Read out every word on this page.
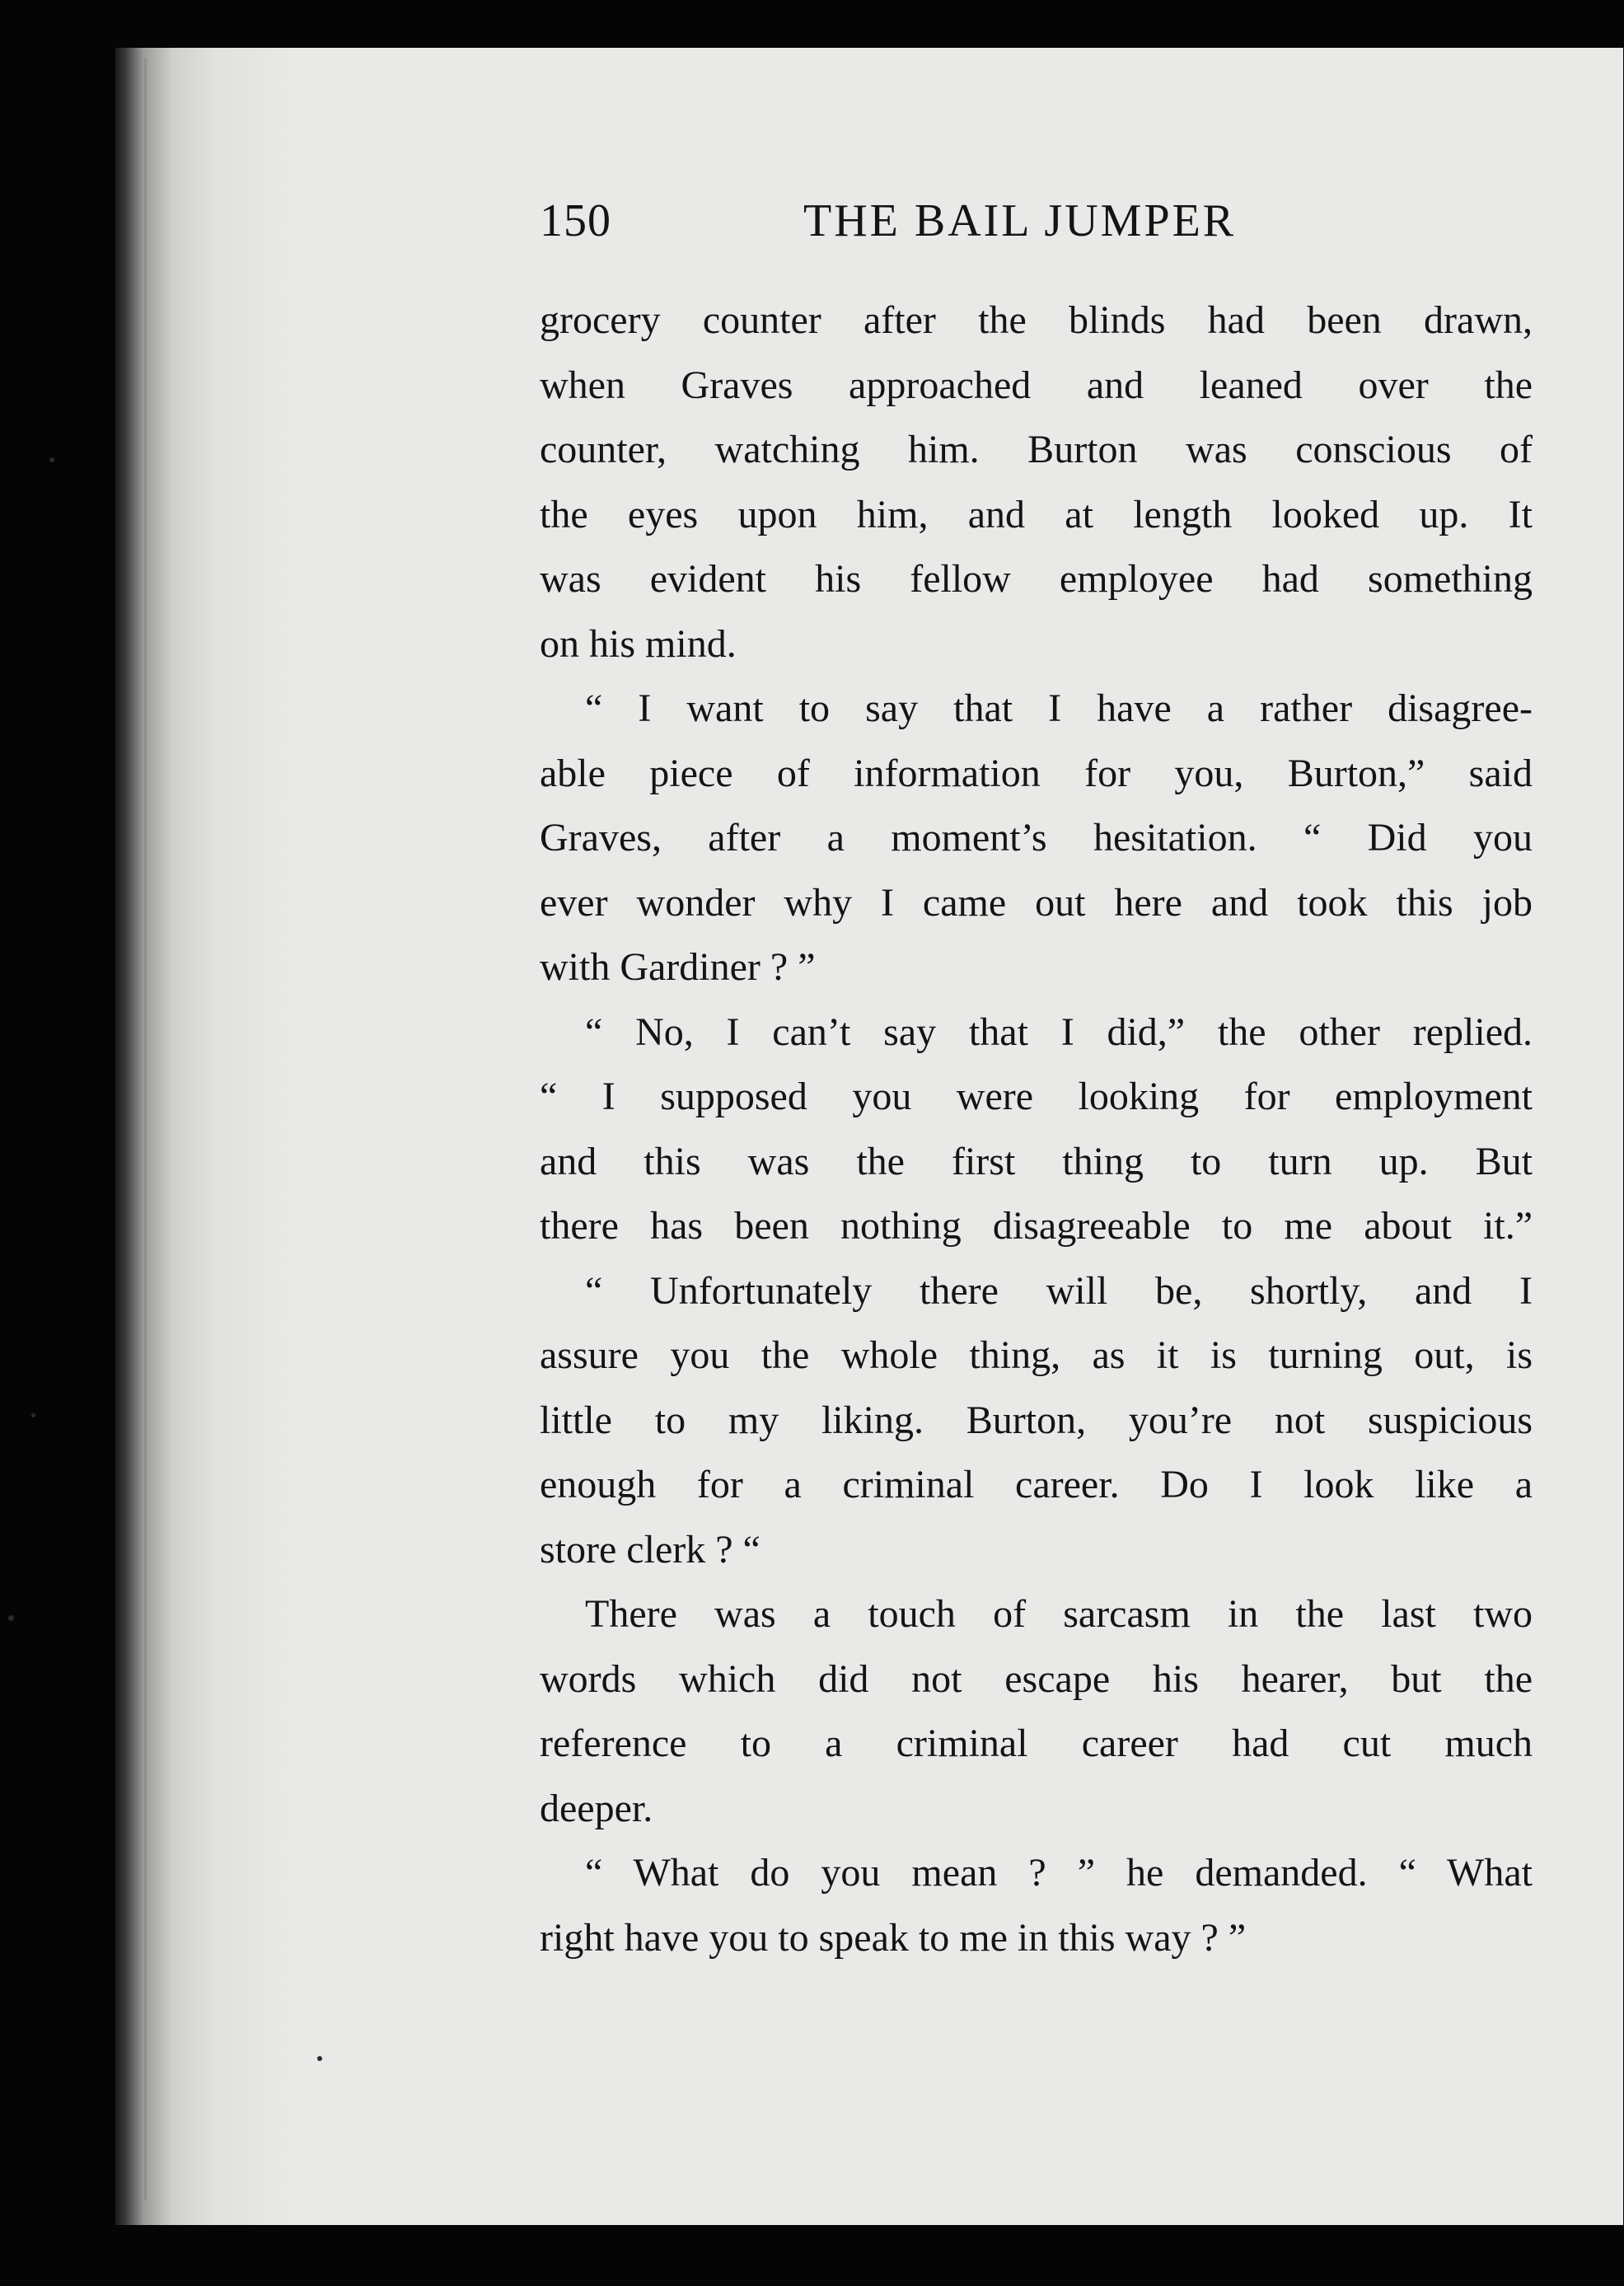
150	THE BAIL JUMPER
grocery counter after the blinds had been drawn,
when Graves approached and leaned over the
counter, watching him. Burton was conscious of
the eyes upon him, and at length looked up. It
was evident his fellow employee had something
on his mind.
“ I want to say that I have a rather disagree-
able piece of information for you, Burton,” said
Graves, after a moment’s hesitation. “ Did you
ever wonder why I came out here and took this job
with Gardiner ? ”
“ No, I can’t say that I did,” the other replied.
“ I supposed you were looking for employment
and this was the first thing to turn up. But
there has been nothing disagreeable to me about it.”
“ Unfortunately there will be, shortly, and I
assure you the whole thing, as it is turning out, is
little to my liking. Burton, you’re not suspicious
enough for a criminal career. Do I look like a
store clerk ? “
There was a touch of sarcasm in the last two
words which did not escape his hearer, but the
reference to a criminal career had cut much
deeper.
“ What do you mean ? ” he demanded. “ What
right have you to speak to me in this way ? ”
